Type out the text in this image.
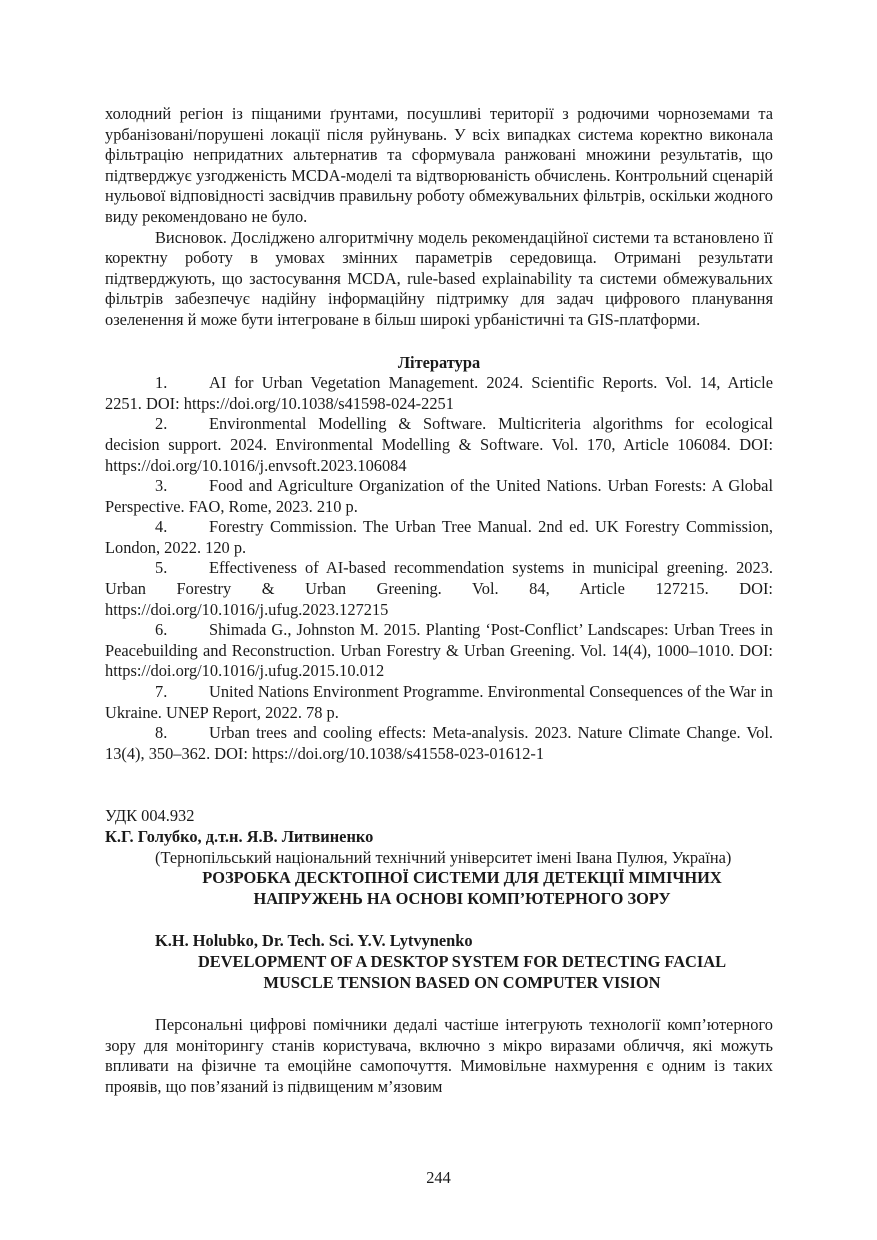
холодний регіон із піщаними ґрунтами, посушливі території з родючими чорноземами та урбанізовані/порушені локації після руйнувань. У всіх випадках система коректно виконала фільтрацію непридатних альтернатив та сформувала ранжовані множини результатів, що підтверджує узгодженість MCDA-моделі та відтворюваність обчислень. Контрольний сценарій нульової відповідності засвідчив правильну роботу обмежувальних фільтрів, оскільки жодного виду рекомендовано не було.

Висновок. Досліджено алгоритмічну модель рекомендаційної системи та встановлено її коректну роботу в умовах змінних параметрів середовища. Отримані результати підтверджують, що застосування MCDA, rule-based explainability та системи обмежувальних фільтрів забезпечує надійну інформаційну підтримку для задач цифрового планування озеленення й може бути інтегроване в більш широкі урбаністичні та GIS-платформи.

Література

1.	AI for Urban Vegetation Management. 2024. Scientific Reports. Vol. 14, Article 2251. DOI: https://doi.org/10.1038/s41598-024-2251

2.	Environmental Modelling & Software. Multicriteria algorithms for ecological decision support. 2024. Environmental Modelling & Software. Vol. 170, Article 106084. DOI: https://doi.org/10.1016/j.envsoft.2023.106084

3.	Food and Agriculture Organization of the United Nations. Urban Forests: A Global Perspective. FAO, Rome, 2023. 210 p.

4.	Forestry Commission. The Urban Tree Manual. 2nd ed. UK Forestry Commission, London, 2022. 120 p.

5.	Effectiveness of AI-based recommendation systems in municipal greening. 2023. Urban Forestry & Urban Greening. Vol. 84, Article 127215. DOI: https://doi.org/10.1016/j.ufug.2023.127215

6.	Shimada G., Johnston M. 2015. Planting ‘Post-Conflict’ Landscapes: Urban Trees in Peacebuilding and Reconstruction. Urban Forestry & Urban Greening. Vol. 14(4), 1000–1010. DOI: https://doi.org/10.1016/j.ufug.2015.10.012

7.	United Nations Environment Programme. Environmental Consequences of the War in Ukraine. UNEP Report, 2022. 78 p.

8.	Urban trees and cooling effects: Meta-analysis. 2023. Nature Climate Change. Vol. 13(4), 350–362. DOI: https://doi.org/10.1038/s41558-023-01612-1

УДК 004.932

К.Г. Голубко, д.т.н. Я.В. Литвиненко

(Тернопільський національний технічний університет імені Івана Пулюя, Україна)

РОЗРОБКА ДЕСКТОПНОЇ СИСТЕМИ ДЛЯ ДЕТЕКЦІЇ МІМІЧНИХ

НАПРУЖЕНЬ НА ОСНОВІ КОМП’ЮТЕРНОГО ЗОРУ

K.H. Holubko, Dr. Tech. Sci. Y.V. Lytvynenko

DEVELOPMENT OF A DESKTOP SYSTEM FOR DETECTING FACIAL

MUSCLE TENSION BASED ON COMPUTER VISION

Персональні цифрові помічники дедалі частіше інтегрують технології комп’ютерного зору для моніторингу станів користувача, включно з мікро виразами обличчя, які можуть впливати на фізичне та емоційне самопочуття. Мимовільне нахмурення є одним із таких проявів, що пов’язаний із підвищеним м’язовим

244
